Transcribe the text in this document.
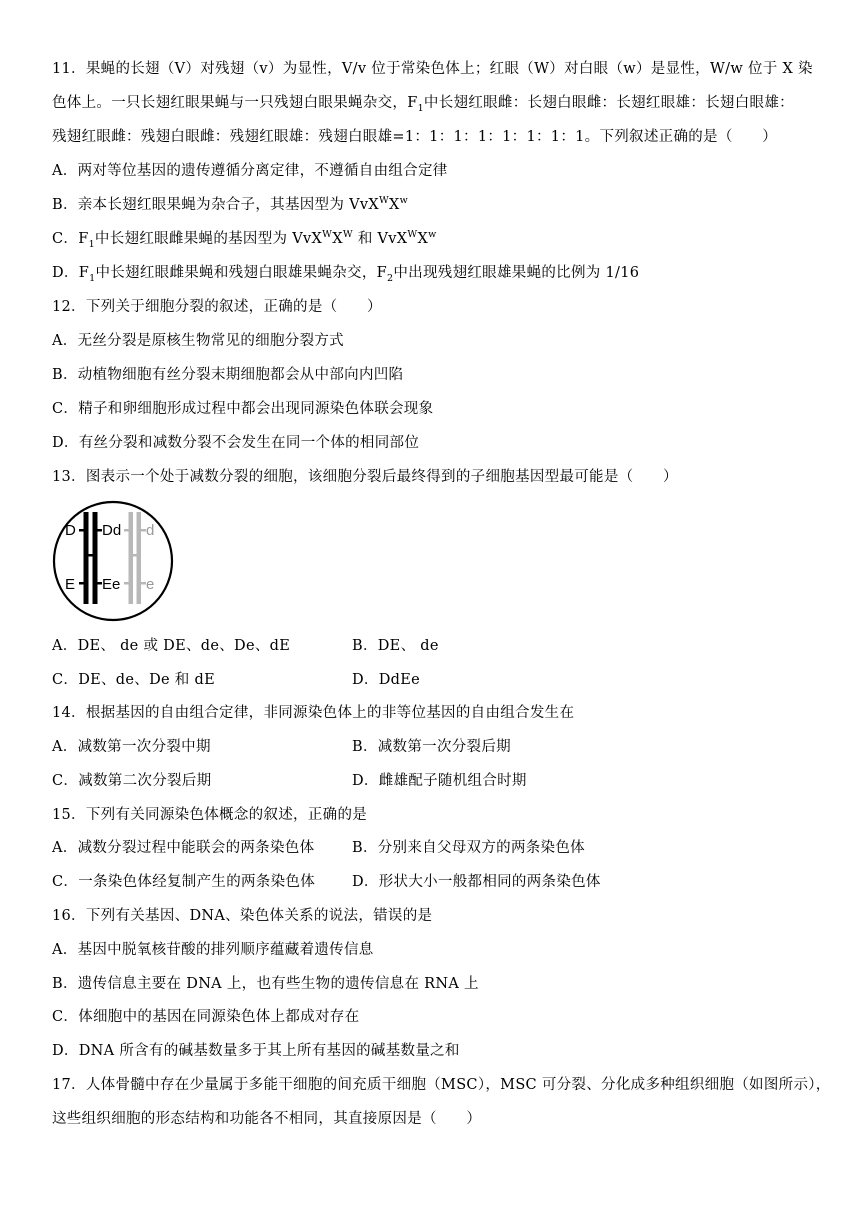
11．果蝇的长翅（V）对残翅（v）为显性，V/v 位于常染色体上；红眼（W）对白眼（w）是显性，W/w 位于 X 染
色体上。一只长翅红眼果蝇与一只残翅白眼果蝇杂交，$F_1$中长翅红眼雌：长翅白眼雌：长翅红眼雄：长翅白眼雄：
残翅红眼雌：残翅白眼雌：残翅红眼雄：残翅白眼雄=1：1：1：1：1：1：1：1。下列叙述正确的是（　　）
A．两对等位基因的遗传遵循分离定律，不遵循自由组合定律
B．亲本长翅红眼果蝇为杂合子，其基因型为 $VvX^WX^w$
C．$F_1$中长翅红眼雌果蝇的基因型为 $VvX^WX^W$ 和 $VvX^WX^w$
D．$F_1$中长翅红眼雌果蝇和残翅白眼雄果蝇杂交，$F_2$中出现残翅红眼雄果蝇的比例为 1/16
12．下列关于细胞分裂的叙述，正确的是（　　）
A．无丝分裂是原核生物常见的细胞分裂方式
B．动植物细胞有丝分裂末期细胞都会从中部向内凹陷
C．精子和卵细胞形成过程中都会出现同源染色体联会现象
D．有丝分裂和减数分裂不会发生在同一个体的相同部位
13．图表示一个处于减数分裂的细胞，该细胞分裂后最终得到的子细胞基因型最可能是（　　）
D Dd d
E Ee e
A．DE、 de 或 DE、de、De、dE	B．DE、 de
C．DE、de、De 和 dE	D．DdEe
14．根据基因的自由组合定律，非同源染色体上的非等位基因的自由组合发生在
A．减数第一次分裂中期	B．减数第一次分裂后期
C．减数第二次分裂后期	D．雌雄配子随机组合时期
15．下列有关同源染色体概念的叙述，正确的是
A．减数分裂过程中能联会的两条染色体	B．分别来自父母双方的两条染色体
C．一条染色体经复制产生的两条染色体	D．形状大小一般都相同的两条染色体
16．下列有关基因、DNA、染色体关系的说法，错误的是
A．基因中脱氧核苷酸的排列顺序蕴藏着遗传信息
B．遗传信息主要在 DNA 上，也有些生物的遗传信息在 RNA 上
C．体细胞中的基因在同源染色体上都成对存在
D．DNA 所含有的碱基数量多于其上所有基因的碱基数量之和
17．人体骨髓中存在少量属于多能干细胞的间充质干细胞（MSC），MSC 可分裂、分化成多种组织细胞（如图所示），
这些组织细胞的形态结构和功能各不相同，其直接原因是（　　）
